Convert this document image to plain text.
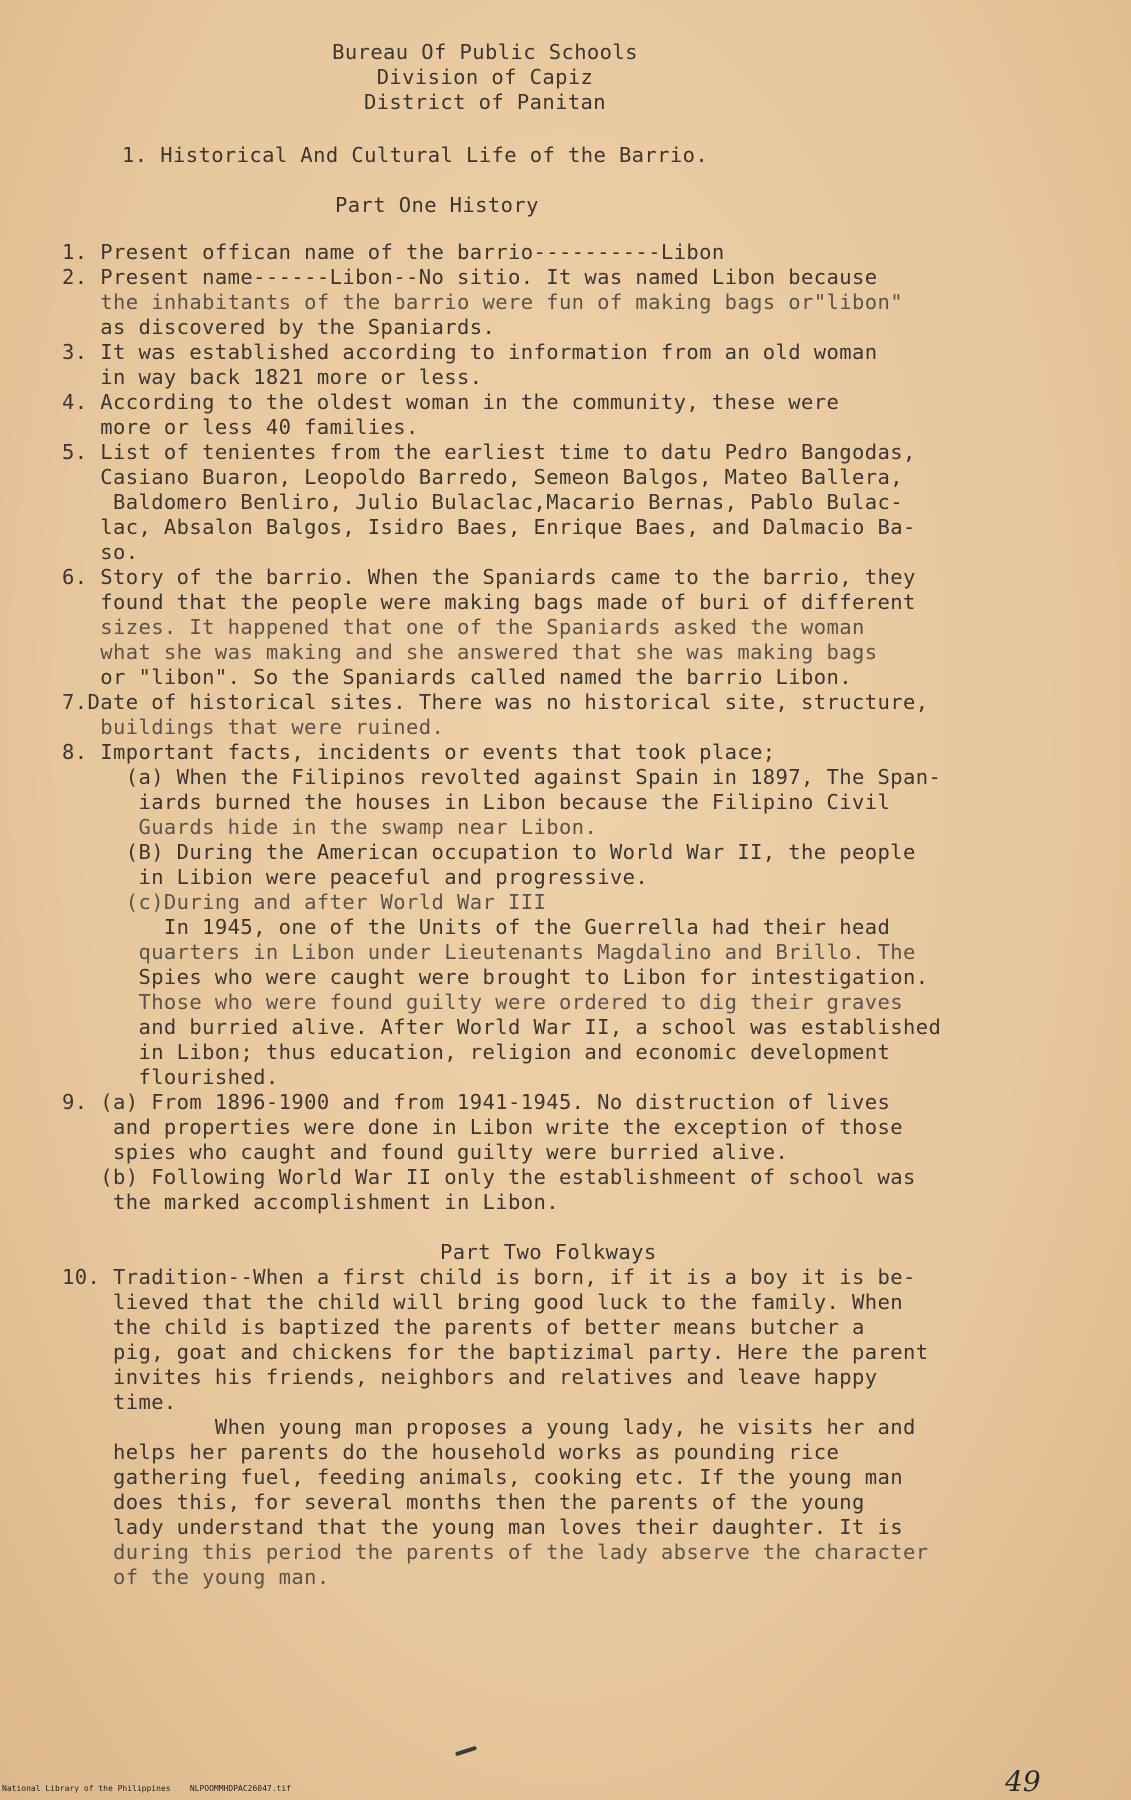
Bureau Of Public Schools
Division of Capiz
District of Panitan
1. Historical And Cultural Life of the Barrio.
Part One History
1. Present offican name of the barrio----------Libon
2. Present name------Libon--No sitio. It was named Libon because
the inhabitants of the barrio were fun of making bags or"libon"
as discovered by the Spaniards.
3. It was established according to information from an old woman
in way back 1821 more or less.
4. According to the oldest woman in the community, these were
more or less 40 families.
5. List of tenientes from the earliest time to datu Pedro Bangodas,
Casiano Buaron, Leopoldo Barredo, Semeon Balgos, Mateo Ballera,
Baldomero Benliro, Julio Bulaclac,Macario Bernas, Pablo Bulac-
lac, Absalon Balgos, Isidro Baes, Enrique Baes, and Dalmacio Ba-
so.
6. Story of the barrio. When the Spaniards came to the barrio, they
found that the people were making bags made of buri of different
sizes. It happened that one of the Spaniards asked the woman
what she was making and she answered that she was making bags
or "libon". So the Spaniards called named the barrio Libon.
7.Date of historical sites. There was no historical site, structure,
buildings that were ruined.
8. Important facts, incidents or events that took place;
(a) When the Filipinos revolted against Spain in 1897, The Span-
iards burned the houses in Libon because the Filipino Civil
Guards hide in the swamp near Libon.
(B) During the American occupation to World War II, the people
in Libion were peaceful and progressive.
(c)During and after World War III
In 1945, one of the Units of the Guerrella had their head
quarters in Libon under Lieutenants Magdalino and Brillo. The
Spies who were caught were brought to Libon for intestigation.
Those who were found guilty were ordered to dig their graves
and burried alive. After World War II, a school was established
in Libon; thus education, religion and economic development
flourished.
9. (a) From 1896-1900 and from 1941-1945. No distruction of lives
and properties were done in Libon write the exception of those
spies who caught and found guilty were burried alive.
(b) Following World War II only the establishmeent of school was
the marked accomplishment in Libon.
Part Two Folkways
10. Tradition--When a first child is born, if it is a boy it is be-
lieved that the child will bring good luck to the family. When
the child is baptized the parents of better means butcher a
pig, goat and chickens for the baptizimal party. Here the parent
invites his friends, neighbors and relatives and leave happy
time.
When young man proposes a young lady, he visits her and
helps her parents do the household works as pounding rice
gathering fuel, feeding animals, cooking etc. If the young man
does this, for several months then the parents of the young
lady understand that the young man loves their daughter. It is
during this period the parents of the lady abserve the character
of the young man.
49
National Library of the Philippines    NLPOOMMHDPAC26047.tif
